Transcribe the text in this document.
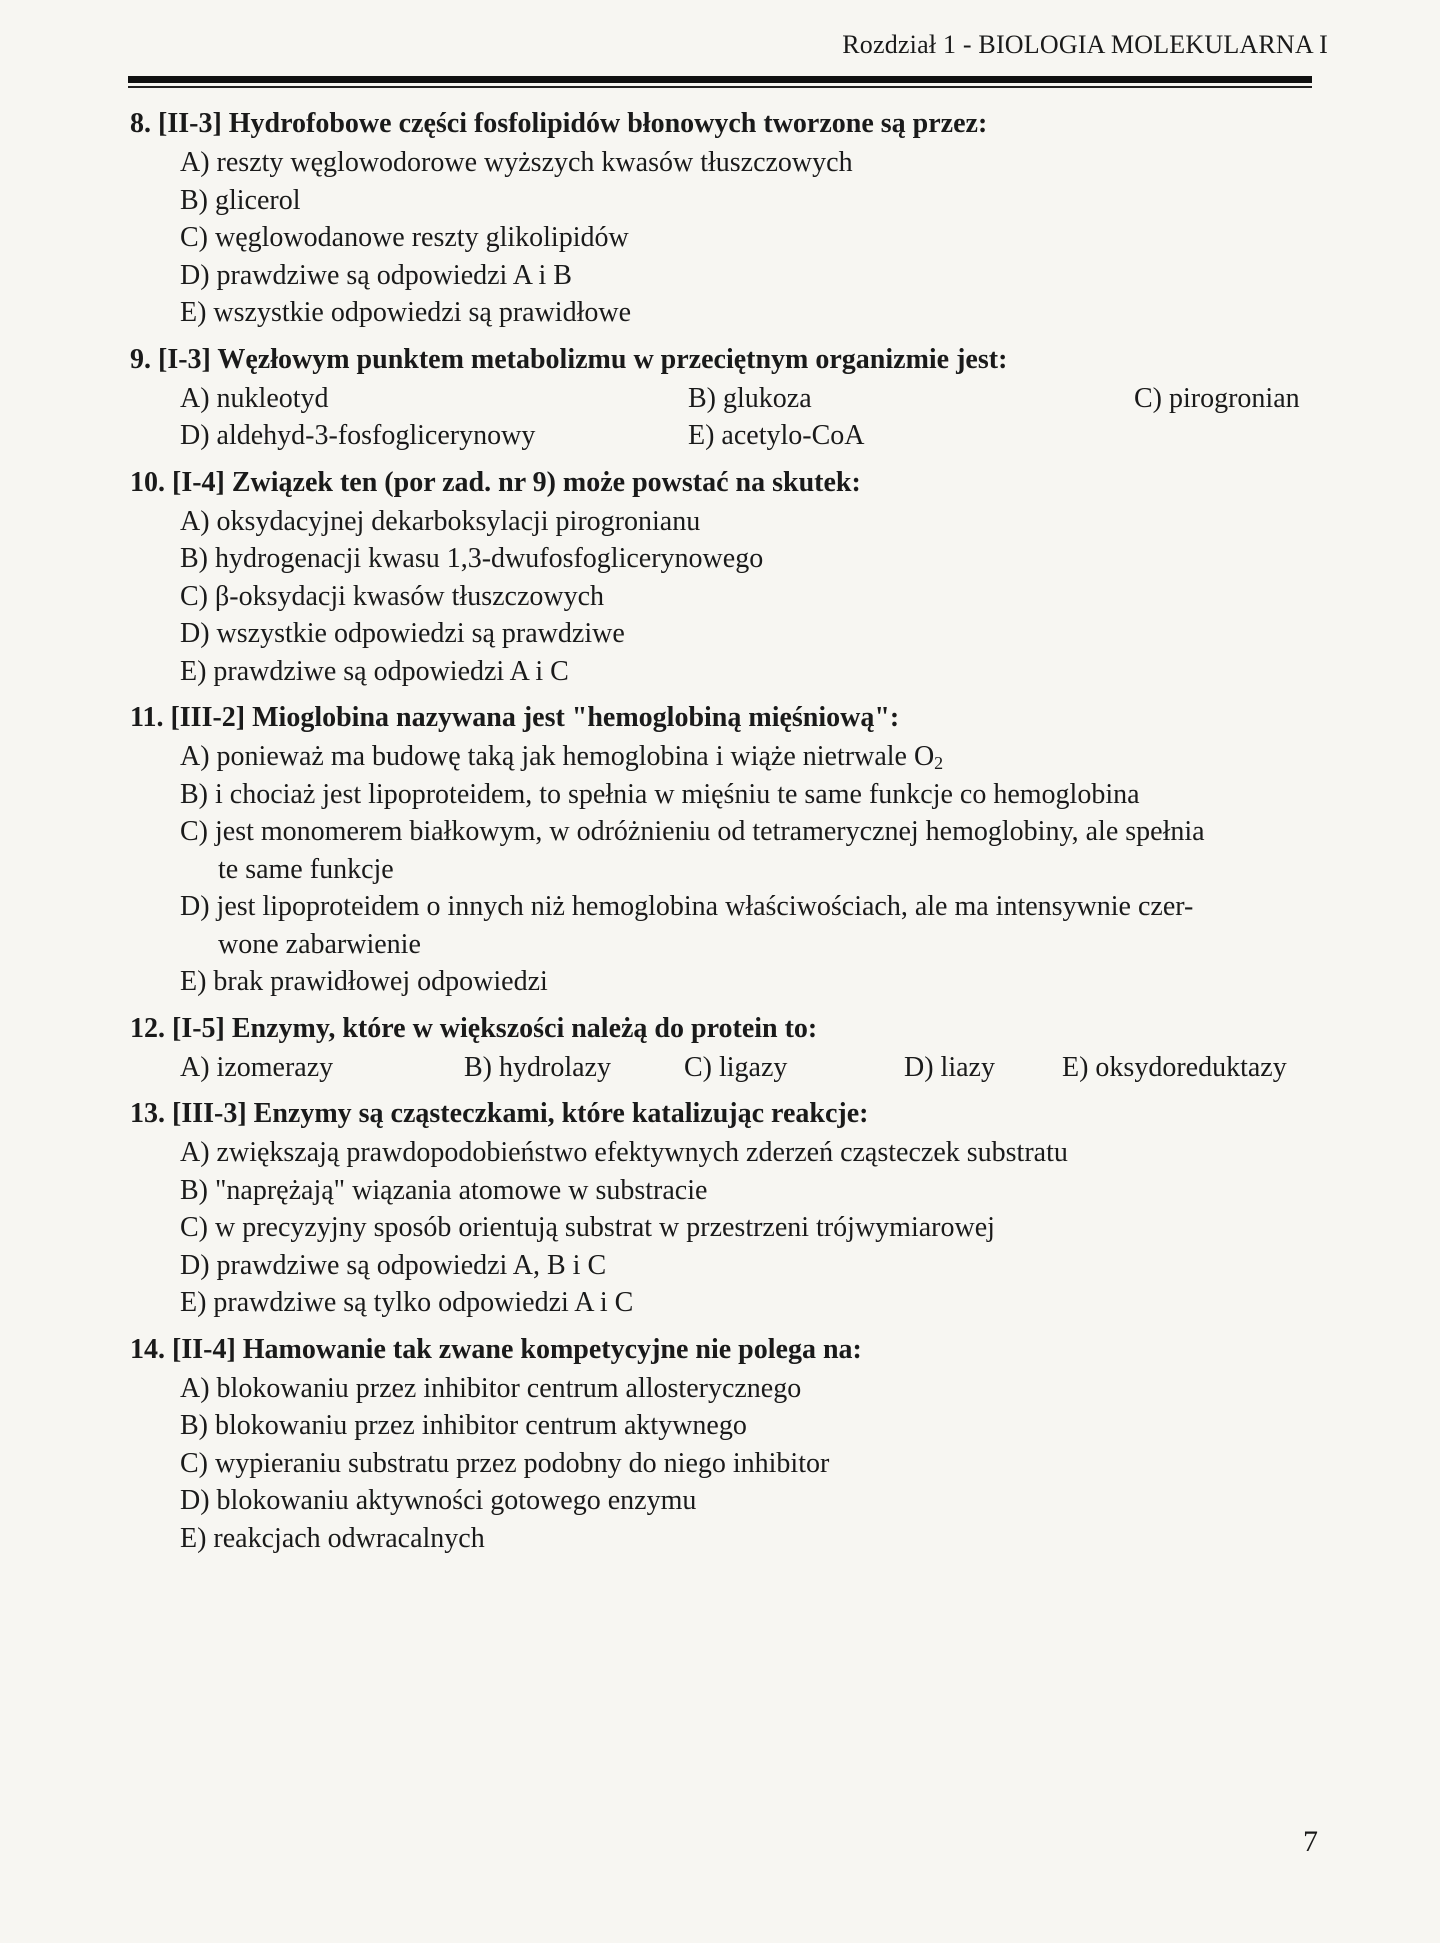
Rozdział 1 - BIOLOGIA MOLEKULARNA I
8. [II-3] Hydrofobowe części fosfolipidów błonowych tworzone są przez:
A) reszty węglowodorowe wyższych kwasów tłuszczowych
B) glicerol
C) węglowodanowe reszty glikolipidów
D) prawdziwe są odpowiedzi A i B
E) wszystkie odpowiedzi są prawidłowe
9. [I-3] Węzłowym punktem metabolizmu w przeciętnym organizmie jest:
A) nukleotyd	B) glukoza	C) pirogronian
D) aldehyd-3-fosfoglicerynowy	E) acetylo-CoA
10. [I-4] Związek ten (por zad. nr 9) może powstać na skutek:
A) oksydacyjnej dekarboksylacji pirogronianu
B) hydrogenacji kwasu 1,3-dwufosfoglicerynowego
C) β-oksydacji kwasów tłuszczowych
D) wszystkie odpowiedzi są prawdziwe
E) prawdziwe są odpowiedzi A i C
11. [III-2] Mioglobina nazywana jest "hemoglobiną mięśniową":
A) ponieważ ma budowę taką jak hemoglobina i wiąże nietrwale $O_2$
B) i chociaż jest lipoproteidem, to spełnia w mięśniu te same funkcje co hemoglobina
C) jest monomerem białkowym, w odróżnieniu od tetramerycznej hemoglobiny, ale spełnia
te same funkcje
D) jest lipoproteidem o innych niż hemoglobina właściwościach, ale ma intensywnie czer-
wone zabarwienie
E) brak prawidłowej odpowiedzi
12. [I-5] Enzymy, które w większości należą do protein to:
A) izomerazy	B) hydrolazy	C) ligazy	D) liazy	E) oksydoreduktazy
13. [III-3] Enzymy są cząsteczkami, które katalizując reakcje:
A) zwiększają prawdopodobieństwo efektywnych zderzeń cząsteczek substratu
B) "naprężają" wiązania atomowe w substracie
C) w precyzyjny sposób orientują substrat w przestrzeni trójwymiarowej
D) prawdziwe są odpowiedzi A, B i C
E) prawdziwe są tylko odpowiedzi A i C
14. [II-4] Hamowanie tak zwane kompetycyjne nie polega na:
A) blokowaniu przez inhibitor centrum allosterycznego
B) blokowaniu przez inhibitor centrum aktywnego
C) wypieraniu substratu przez podobny do niego inhibitor
D) blokowaniu aktywności gotowego enzymu
E) reakcjach odwracalnych
7
